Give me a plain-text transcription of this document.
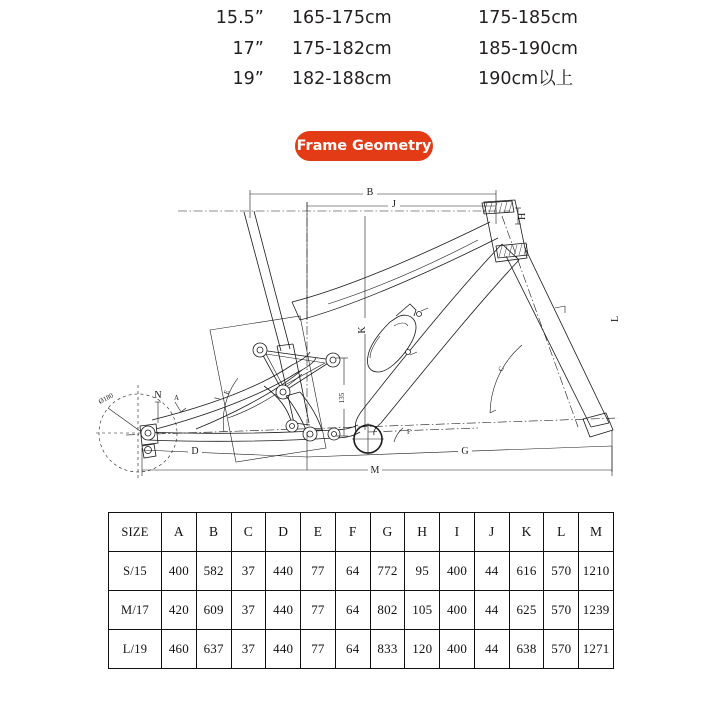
15.5”	165-175cm	175-185cm
17”	175-182cm	185-190cm
19”	182-188cm	190cm以上
Frame Geometry
B
J
H
Ø180
C
N A	135
K
E
F
D	G
M
I
L
SIZE	A	B	C	D	E	F	G	H	I	J	K	L	M
S/15	400	582	37	440	77	64	772	95	400	44	616	570	1210
M/17	420	609	37	440	77	64	802	105	400	44	625	570	1239
L/19	460	637	37	440	77	64	833	120	400	44	638	570	1271
